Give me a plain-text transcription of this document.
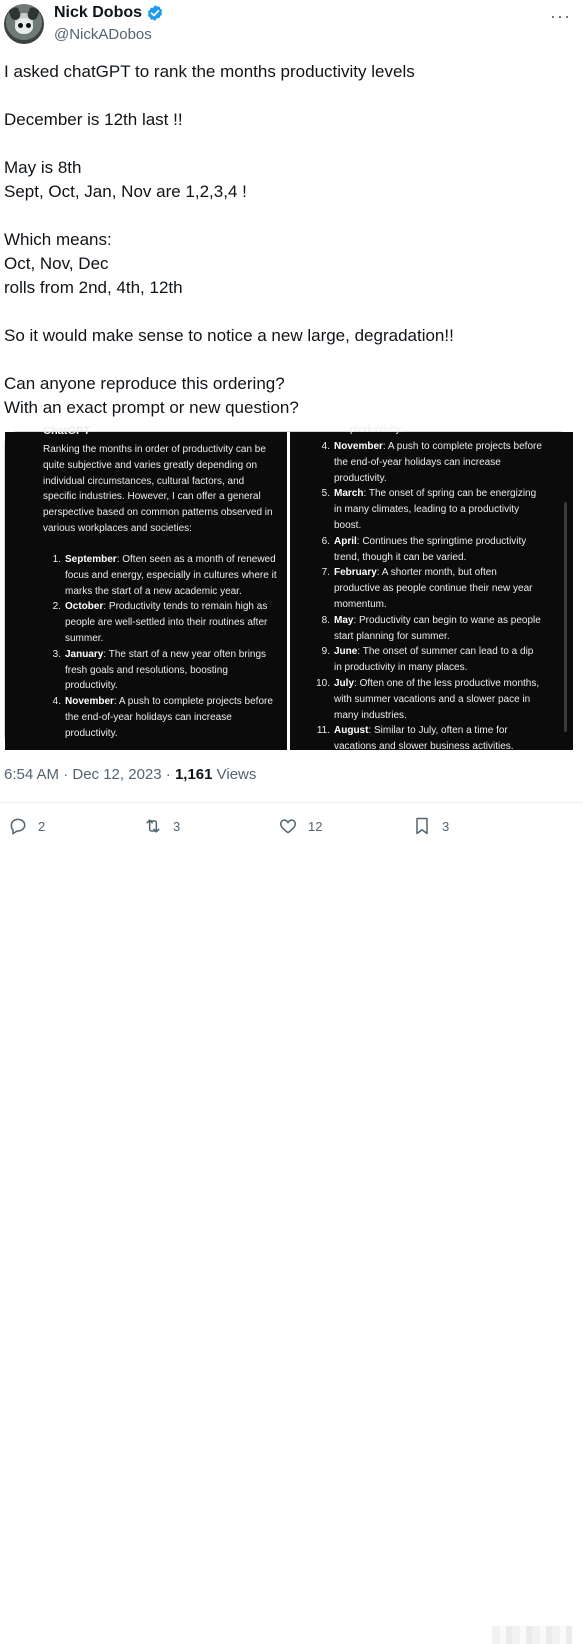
Nick Dobos
@NickADobos
···
I asked chatGPT to rank the months productivity levels

December is 12th last !!

May is 8th
Sept, Oct, Jan, Nov are 1,2,3,4 !

Which means:
Oct, Nov, Dec
rolls from 2nd, 4th, 12th

So it would make sense to notice a new large, degradation!!

Can anyone reproduce this ordering?
With an exact prompt or new question?
ChatGPT
Ranking the months in order of productivity can be quite subjective and varies greatly depending on individual circumstances, cultural factors, and specific industries. However, I can offer a general perspective based on common patterns observed in various workplaces and societies:
1. September: Often seen as a month of renewed focus and energy, especially in cultures where it marks the start of a new academic year.
2. October: Productivity tends to remain high as people are well-settled into their routines after summer.
3. January: The start of a new year often brings fresh goals and resolutions, boosting productivity.
4. November: A push to complete projects before the end-of-year holidays can increase productivity.
productivity.
4. November: A push to complete projects before the end-of-year holidays can increase productivity.
5. March: The onset of spring can be energizing in many climates, leading to a productivity boost.
6. April: Continues the springtime productivity trend, though it can be varied.
7. February: A shorter month, but often productive as people continue their new year momentum.
8. May: Productivity can begin to wane as people start planning for summer.
9. June: The onset of summer can lead to a dip in productivity in many places.
10. July: Often one of the less productive months, with summer vacations and a slower pace in many industries.
11. August: Similar to July, often a time for vacations and slower business activities.
6:54 AM · Dec 12, 2023 · 1,161 Views
2	3	12	3
